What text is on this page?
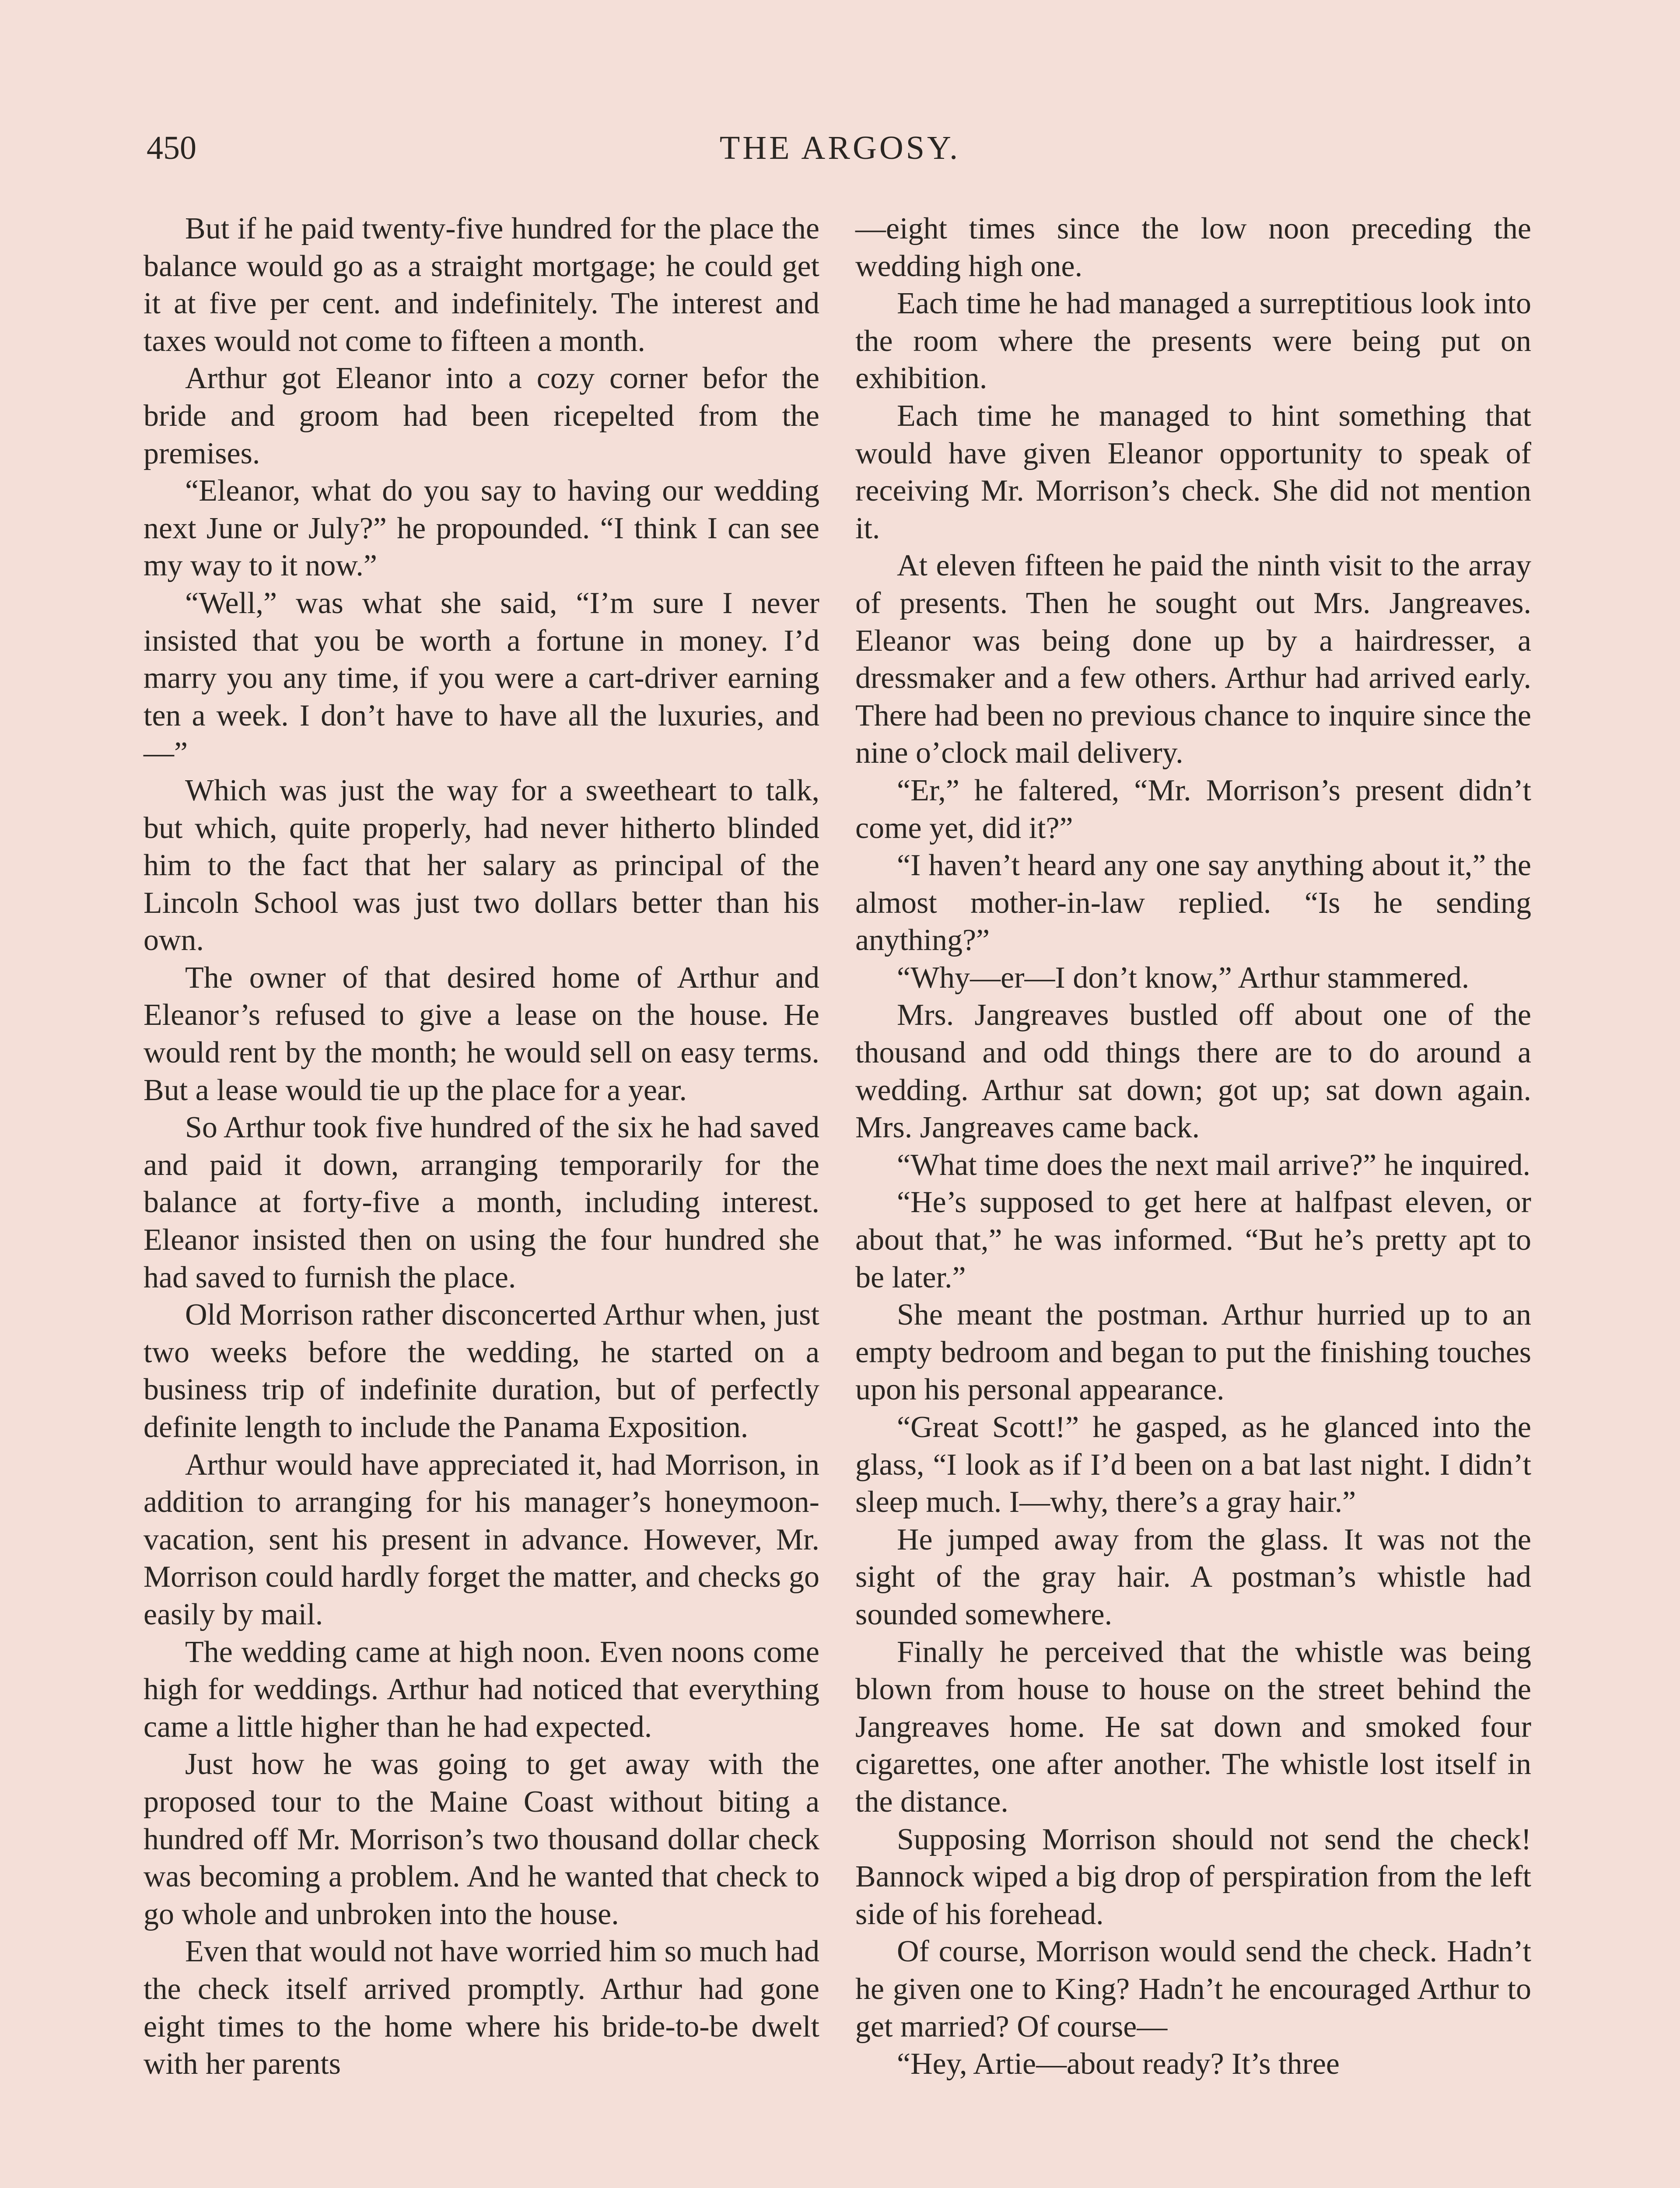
450	THE ARGOSY.

But if he paid twenty-five hundred for the place the balance would go as a straight mortgage; he could get it at five per cent. and indefinitely. The interest and taxes would not come to fifteen a month.

Arthur got Eleanor into a cozy corner befor the bride and groom had been ricepelted from the premises.

“Eleanor, what do you say to having our wedding next June or July?” he propounded. “I think I can see my way to it now.”

“Well,” was what she said, “I’m sure I never insisted that you be worth a fortune in money. I’d marry you any time, if you were a cart-driver earning ten a week. I don’t have to have all the luxuries, and—”

Which was just the way for a sweetheart to talk, but which, quite properly, had never hitherto blinded him to the fact that her salary as principal of the Lincoln School was just two dollars better than his own.

The owner of that desired home of Arthur and Eleanor’s refused to give a lease on the house. He would rent by the month; he would sell on easy terms. But a lease would tie up the place for a year.

So Arthur took five hundred of the six he had saved and paid it down, arranging temporarily for the balance at forty-five a month, including interest. Eleanor insisted then on using the four hundred she had saved to furnish the place.

Old Morrison rather disconcerted Arthur when, just two weeks before the wedding, he started on a business trip of indefinite duration, but of perfectly definite length to include the Panama Exposition.

Arthur would have appreciated it, had Morrison, in addition to arranging for his manager’s honeymoon-vacation, sent his present in advance. However, Mr. Morrison could hardly forget the matter, and checks go easily by mail.

The wedding came at high noon. Even noons come high for weddings. Arthur had noticed that everything came a little higher than he had expected.

Just how he was going to get away with the proposed tour to the Maine Coast without biting a hundred off Mr. Morrison’s two thousand dollar check was becoming a problem. And he wanted that check to go whole and unbroken into the house.

Even that would not have worried him so much had the check itself arrived promptly. Arthur had gone eight times to the home where his bride-to-be dwelt with her parents

—eight times since the low noon preceding the wedding high one.

Each time he had managed a surreptitious look into the room where the presents were being put on exhibition.

Each time he managed to hint something that would have given Eleanor opportunity to speak of receiving Mr. Morrison’s check. She did not mention it.

At eleven fifteen he paid the ninth visit to the array of presents. Then he sought out Mrs. Jangreaves. Eleanor was being done up by a hairdresser, a dressmaker and a few others. Arthur had arrived early. There had been no previous chance to inquire since the nine o’clock mail delivery.

“Er,” he faltered, “Mr. Morrison’s present didn’t come yet, did it?”

“I haven’t heard any one say anything about it,” the almost mother-in-law replied. “Is he sending anything?”

“Why—er—I don’t know,” Arthur stammered.

Mrs. Jangreaves bustled off about one of the thousand and odd things there are to do around a wedding. Arthur sat down; got up; sat down again. Mrs. Jangreaves came back.

“What time does the next mail arrive?” he inquired.

“He’s supposed to get here at halfpast eleven, or about that,” he was informed. “But he’s pretty apt to be later.”

She meant the postman. Arthur hurried up to an empty bedroom and began to put the finishing touches upon his personal appearance.

“Great Scott!” he gasped, as he glanced into the glass, “I look as if I’d been on a bat last night. I didn’t sleep much. I—why, there’s a gray hair.”

He jumped away from the glass. It was not the sight of the gray hair. A postman’s whistle had sounded somewhere.

Finally he perceived that the whistle was being blown from house to house on the street behind the Jangreaves home. He sat down and smoked four cigarettes, one after another. The whistle lost itself in the distance.

Supposing Morrison should not send the check! Bannock wiped a big drop of perspiration from the left side of his forehead.

Of course, Morrison would send the check. Hadn’t he given one to King? Hadn’t he encouraged Arthur to get married? Of course—

“Hey, Artie—about ready? It’s three
